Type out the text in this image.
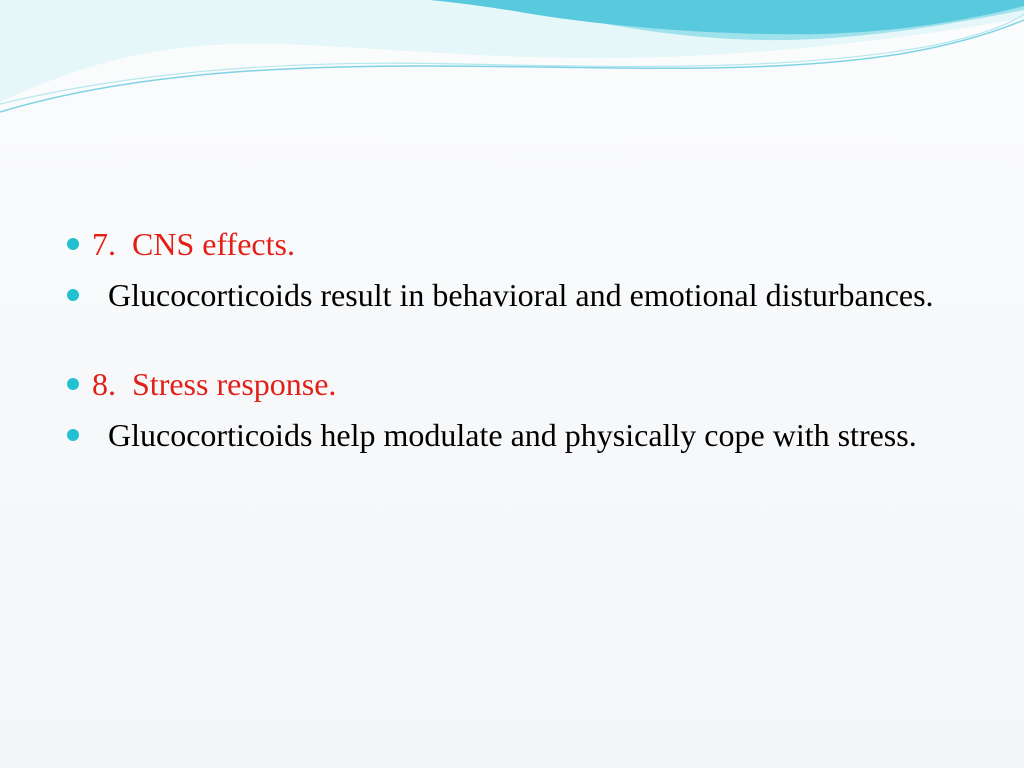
7.  CNS effects.
Glucocorticoids result in behavioral and emotional disturbances.
8.  Stress response.
Glucocorticoids help modulate and physically cope with stress.
